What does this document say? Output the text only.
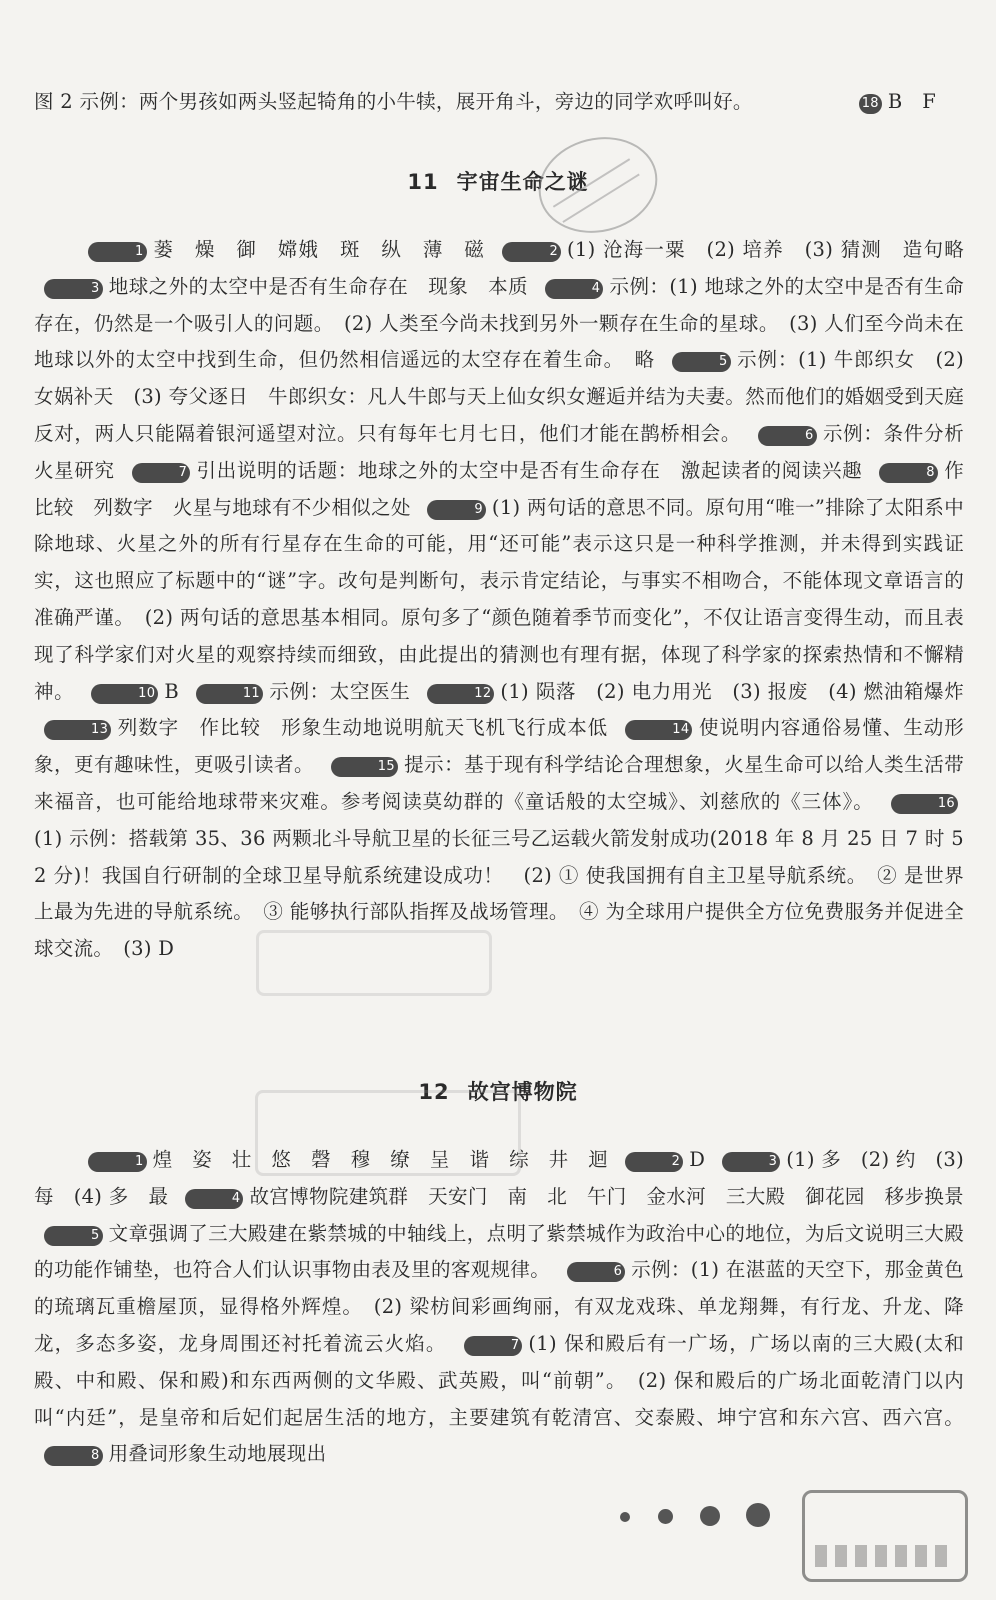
图 2 示例：两个男孩如两头竖起犄角的小牛犊，展开角斗，旁边的同学欢呼叫好。	18 B　F
11 宇宙生命之谜
1 蒌　燥　御　嫦娥　斑　纵　薄　磁	2 (1) 沧海一粟　(2) 培养　(3) 猜测　造句略 3 地球之外的太空中是否有生命存在　现象　本质	4 示例：(1) 地球之外的太空中是否有生命存在，仍然是一个吸引人的问题。　(2) 人类至今尚未找到另外一颗存在生命的星球。　(3) 人们至今尚未在地球以外的太空中找到生命，但仍然相信遥远的太空存在着生命。　略	5 示例：(1) 牛郎织女　(2) 女娲补天　(3) 夸父逐日　牛郎织女：凡人牛郎与天上仙女织女邂逅并结为夫妻。然而他们的婚姻受到天庭反对，两人只能隔着银河遥望对泣。只有每年七月七日，他们才能在鹊桥相会。	6 示例：条件分析　火星研究	7 引出说明的话题：地球之外的太空中是否有生命存在　激起读者的阅读兴趣	8 作比较　列数字　火星与地球有不少相似之处	9 (1) 两句话的意思不同。原句用“唯一”排除了太阳系中除地球、火星之外的所有行星存在生命的可能，用“还可能”表示这只是一种科学推测，并未得到实践证实，这也照应了标题中的“谜”字。改句是判断句，表示肯定结论，与事实不相吻合，不能体现文章语言的准确严谨。　(2) 两句话的意思基本相同。原句多了“颜色随着季节而变化”，不仅让语言变得生动，而且表现了科学家们对火星的观察持续而细致，由此提出的猜测也有理有据，体现了科学家的探索热情和不懈精神。	10 B	11 示例：太空医生	12 (1) 陨落　(2) 电力用光　(3) 报废　(4) 燃油箱爆炸 13 列数字　作比较　形象生动地说明航天飞机飞行成本低	14 使说明内容通俗易懂、生动形象，更有趣味性，更吸引读者。	15 提示：基于现有科学结论合理想象，火星生命可以给人类生活带来福音，也可能给地球带来灾难。参考阅读莫幼群的《童话般的太空城》、刘慈欣的《三体》。	16(1) 示例：搭载第 35、36 两颗北斗导航卫星的长征三号乙运载火箭发射成功(2018 年 8 月 25 日 7 时 52 分)！我国自行研制的全球卫星导航系统建设成功！　(2) ① 使我国拥有自主卫星导航系统。　② 是世界上最为先进的导航系统。　③ 能够执行部队指挥及战场管理。　④ 为全球用户提供全方位免费服务并促进全球交流。　(3) D
12 故宫博物院
1 煌　姿　壮　悠　磬　穆　缭　呈　谐　综　井　迴	2 D	3 (1) 多　(2) 约　(3) 每　(4) 多　最	4 故宫博物院建筑群　天安门　南　北　午门　金水河　三大殿　御花园　移步换景 5 文章强调了三大殿建在紫禁城的中轴线上，点明了紫禁城作为政治中心的地位，为后文说明三大殿的功能作铺垫，也符合人们认识事物由表及里的客观规律。	6 示例：(1) 在湛蓝的天空下，那金黄色的琉璃瓦重檐屋顶，显得格外辉煌。　(2) 梁枋间彩画绚丽，有双龙戏珠、单龙翔舞，有行龙、升龙、降龙，多态多姿，龙身周围还衬托着流云火焰。	7 (1) 保和殿后有一广场，广场以南的三大殿(太和殿、中和殿、保和殿)和东西两侧的文华殿、武英殿，叫“前朝”。　(2) 保和殿后的广场北面乾清门以内叫“内廷”，是皇帝和后妃们起居生活的地方，主要建筑有乾清宫、交泰殿、坤宁宫和东六宫、西六宫。 8 用叠词形象生动地展现出
